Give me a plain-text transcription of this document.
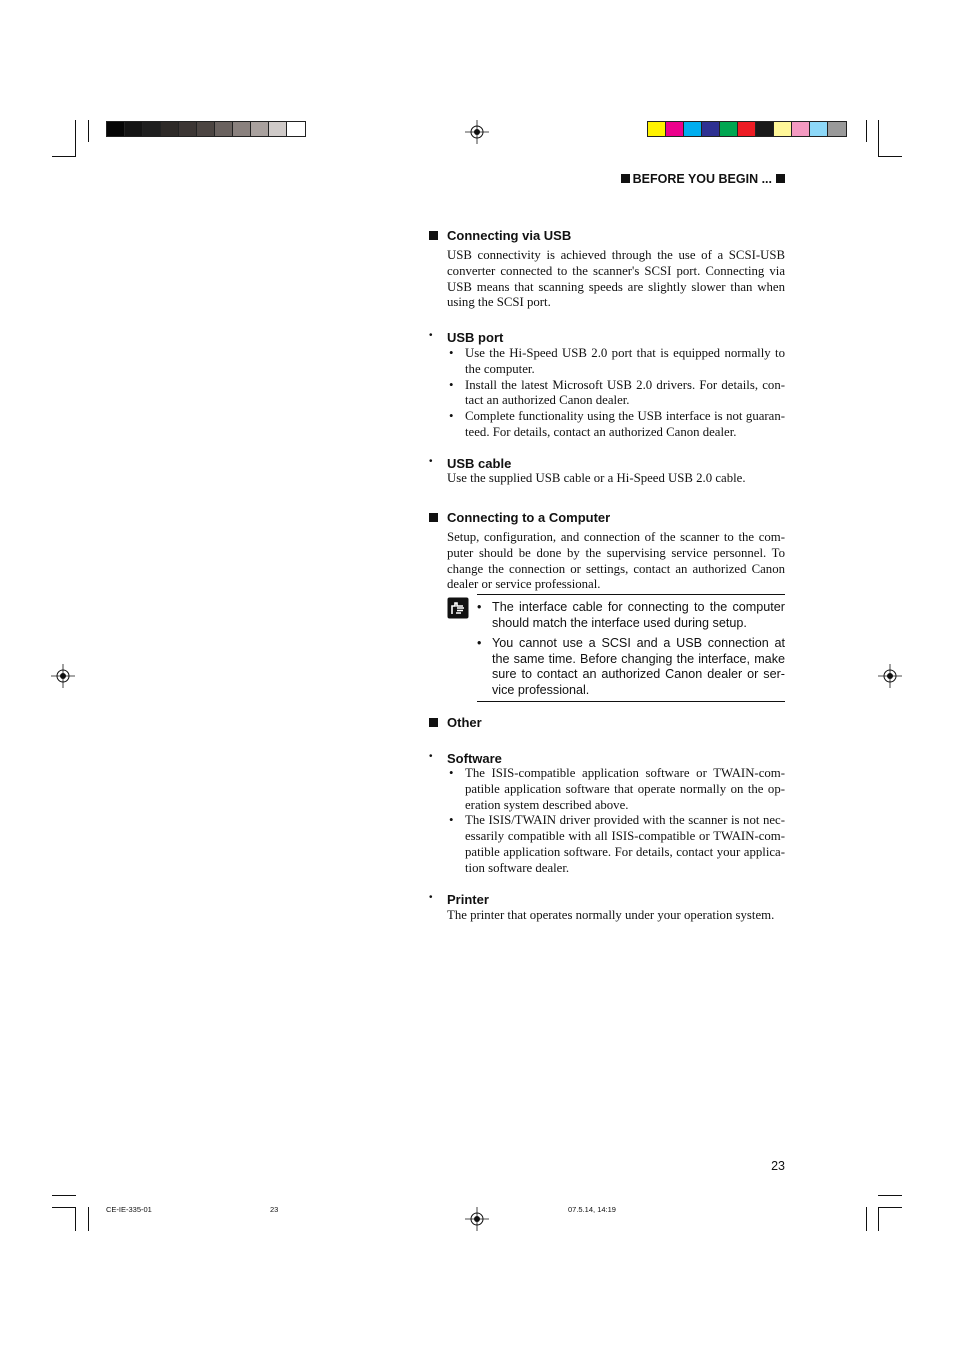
BEFORE YOU BEGIN ...
Connecting via USB
USB connectivity is achieved through the use of a SCSI-USB converter connected to the scanner's SCSI port. Connecting via USB means that scanning speeds are slightly slower than when using the SCSI port.
• USB port
• Use the Hi-Speed USB 2.0 port that is equipped normally to the computer.
• Install the latest Microsoft USB 2.0 drivers. For details, con-tact an authorized Canon dealer.
• Complete functionality using the USB interface is not guaran-teed. For details, contact an authorized Canon dealer.
• USB cable
Use the supplied USB cable or a Hi-Speed USB 2.0 cable.
Connecting to a Computer
Setup, configuration, and connection of the scanner to the com-puter should be done by the supervising service personnel. To change the connection or settings, contact an authorized Canon dealer or service professional.
• The interface cable for connecting to the computer should match the interface used during setup.
• You cannot use a SCSI and a USB connection at the same time. Before changing the interface, make sure to contact an authorized Canon dealer or ser-vice professional.
Other
• Software
• The ISIS-compatible application software or TWAIN-com-patible application software that operate normally on the op-eration system described above.
• The ISIS/TWAIN driver provided with the scanner is not nec-essarily compatible with all ISIS-compatible or TWAIN-com-patible application software. For details, contact your applica-tion software dealer.
• Printer
The printer that operates normally under your operation system.
23
CE-IE-335-01	23	07.5.14, 14:19
